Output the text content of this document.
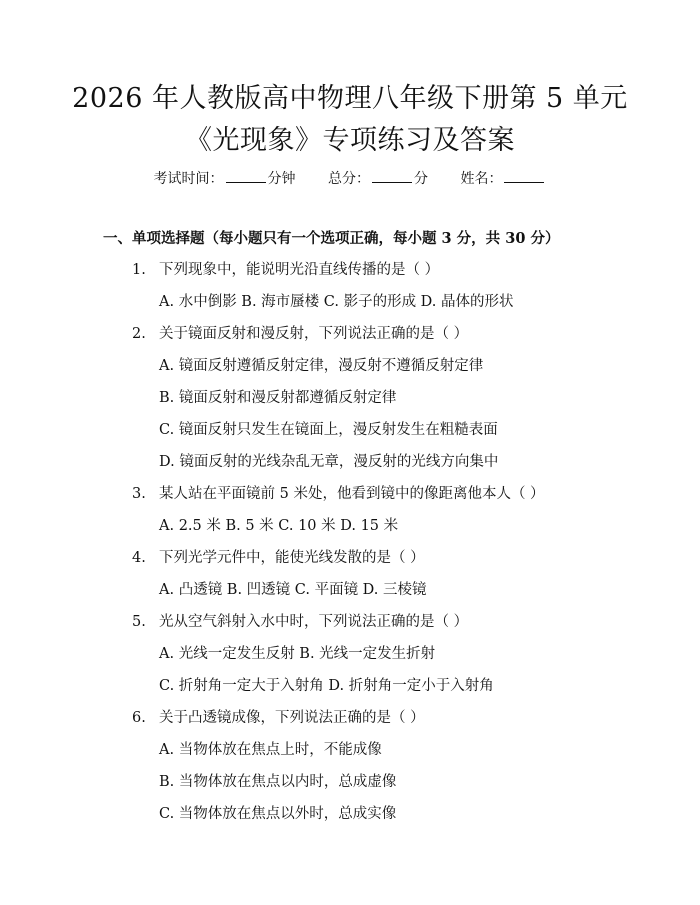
2026 年人教版高中物理八年级下册第 5 单元
《光现象》专项练习及答案
考试时间：	分钟 总分：	分 姓名：
一、单项选择题（每小题只有一个选项正确，每小题 3 分，共 30 分）
1. 下列现象中，能说明光沿直线传播的是（ ）
A. 水中倒影 B. 海市蜃楼 C. 影子的形成 D. 晶体的形状
2. 关于镜面反射和漫反射，下列说法正确的是（ ）
A. 镜面反射遵循反射定律，漫反射不遵循反射定律
B. 镜面反射和漫反射都遵循反射定律
C. 镜面反射只发生在镜面上，漫反射发生在粗糙表面
D. 镜面反射的光线杂乱无章，漫反射的光线方向集中
3. 某人站在平面镜前 5 米处，他看到镜中的像距离他本人（ ）
A. 2.5 米 B. 5 米 C. 10 米 D. 15 米
4. 下列光学元件中，能使光线发散的是（ ）
A. 凸透镜 B. 凹透镜 C. 平面镜 D. 三棱镜
5. 光从空气斜射入水中时，下列说法正确的是（ ）
A. 光线一定发生反射 B. 光线一定发生折射
C. 折射角一定大于入射角 D. 折射角一定小于入射角
6. 关于凸透镜成像，下列说法正确的是（ ）
A. 当物体放在焦点上时，不能成像
B. 当物体放在焦点以内时，总成虚像
C. 当物体放在焦点以外时，总成实像
